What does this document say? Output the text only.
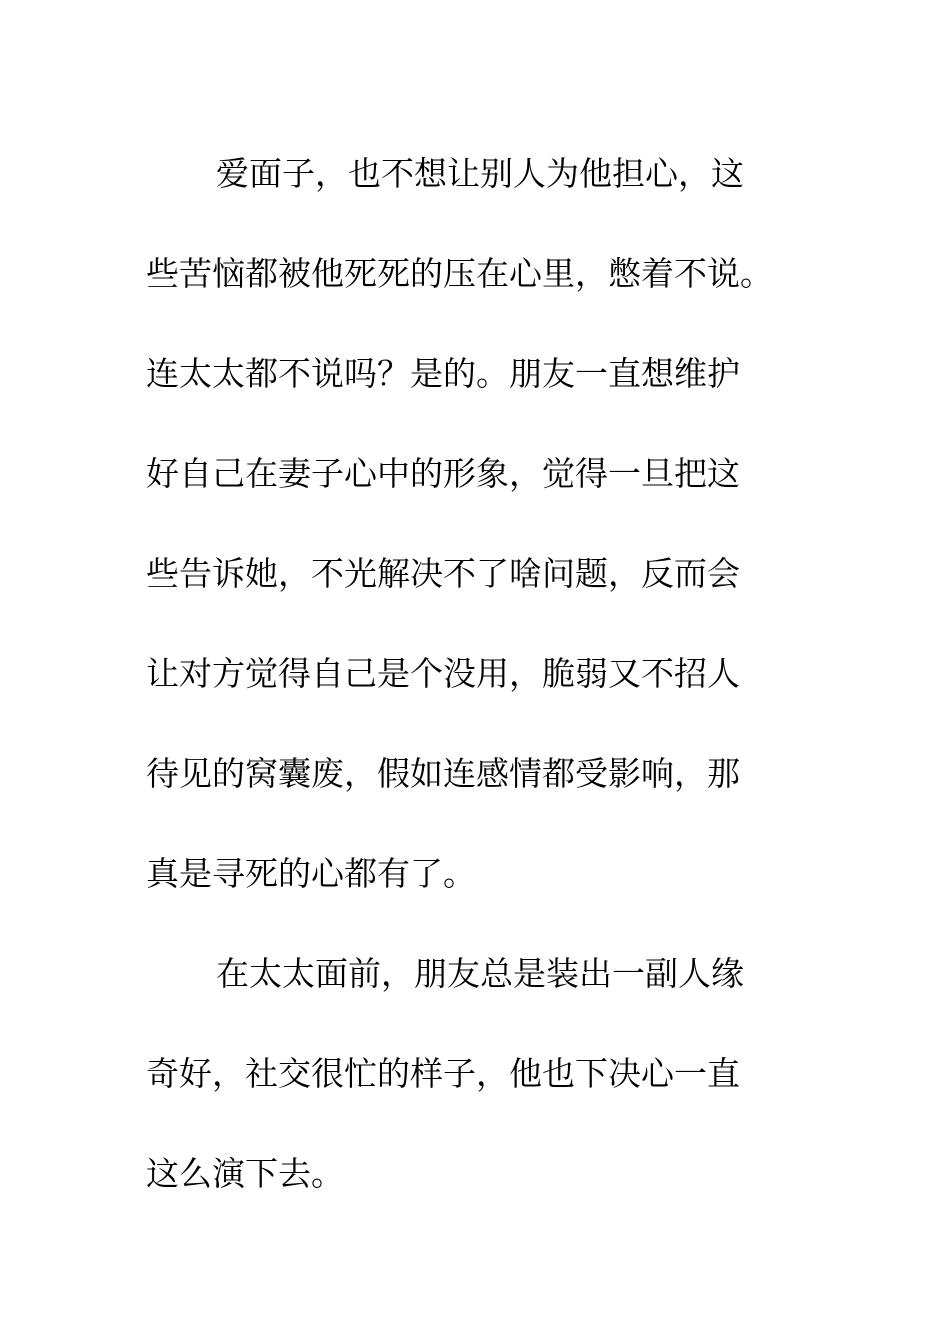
爱面子，也不想让别人为他担心，这
些苦恼都被他死死的压在心里，憋着不说。
连太太都不说吗？是的。朋友一直想维护
好自己在妻子心中的形象，觉得一旦把这
些告诉她，不光解决不了啥问题，反而会
让对方觉得自己是个没用，脆弱又不招人
待见的窝囊废，假如连感情都受影响，那
真是寻死的心都有了。
在太太面前，朋友总是装出一副人缘
奇好，社交很忙的样子，他也下决心一直
这么演下去。
